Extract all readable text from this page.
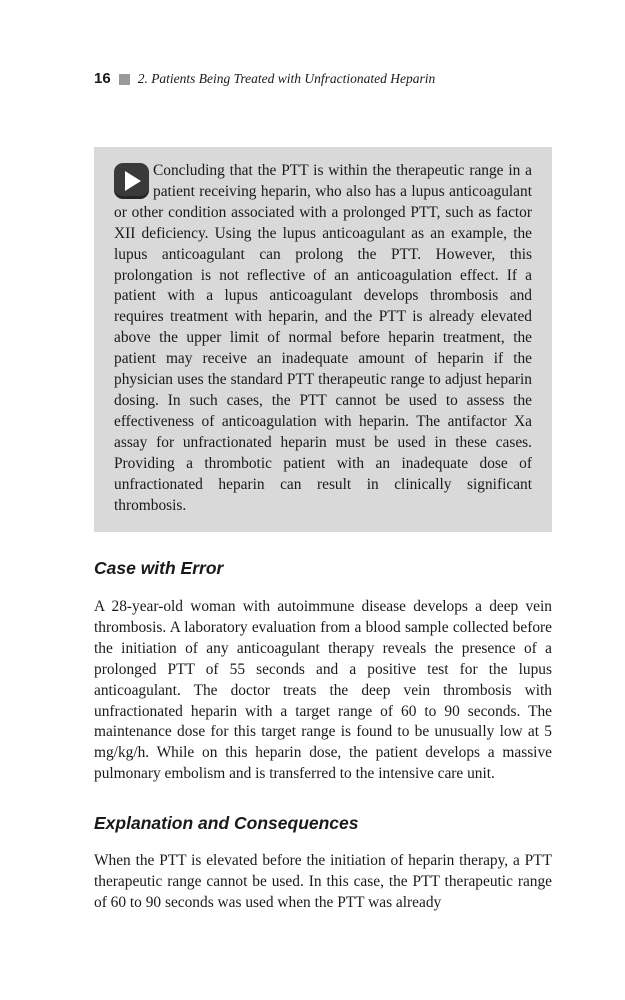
16 2. Patients Being Treated with Unfractionated Heparin

Concluding that the PTT is within the therapeutic range in a patient receiving heparin, who also has a lupus anticoagulant or other condition associated with a prolonged PTT, such as factor XII deficiency. Using the lupus anticoagulant as an example, the lupus anticoagulant can prolong the PTT. However, this prolongation is not reflective of an anticoagulation effect. If a patient with a lupus anticoagulant develops thrombosis and requires treatment with heparin, and the PTT is already elevated above the upper limit of normal before heparin treatment, the patient may receive an inadequate amount of heparin if the physician uses the standard PTT therapeutic range to adjust heparin dosing. In such cases, the PTT cannot be used to assess the effectiveness of anticoagulation with heparin. The antifactor Xa assay for unfractionated heparin must be used in these cases. Providing a thrombotic patient with an inadequate dose of unfractionated heparin can result in clinically significant thrombosis.

Case with Error

A 28-year-old woman with autoimmune disease develops a deep vein thrombosis. A laboratory evaluation from a blood sample collected before the initiation of any anticoagulant therapy reveals the presence of a prolonged PTT of 55 seconds and a positive test for the lupus anticoagulant. The doctor treats the deep vein thrombosis with unfractionated heparin with a target range of 60 to 90 seconds. The maintenance dose for this target range is found to be unusually low at 5 mg/kg/h. While on this heparin dose, the patient develops a massive pulmonary embolism and is transferred to the intensive care unit.

Explanation and Consequences

When the PTT is elevated before the initiation of heparin therapy, a PTT therapeutic range cannot be used. In this case, the PTT therapeutic range of 60 to 90 seconds was used when the PTT was already
